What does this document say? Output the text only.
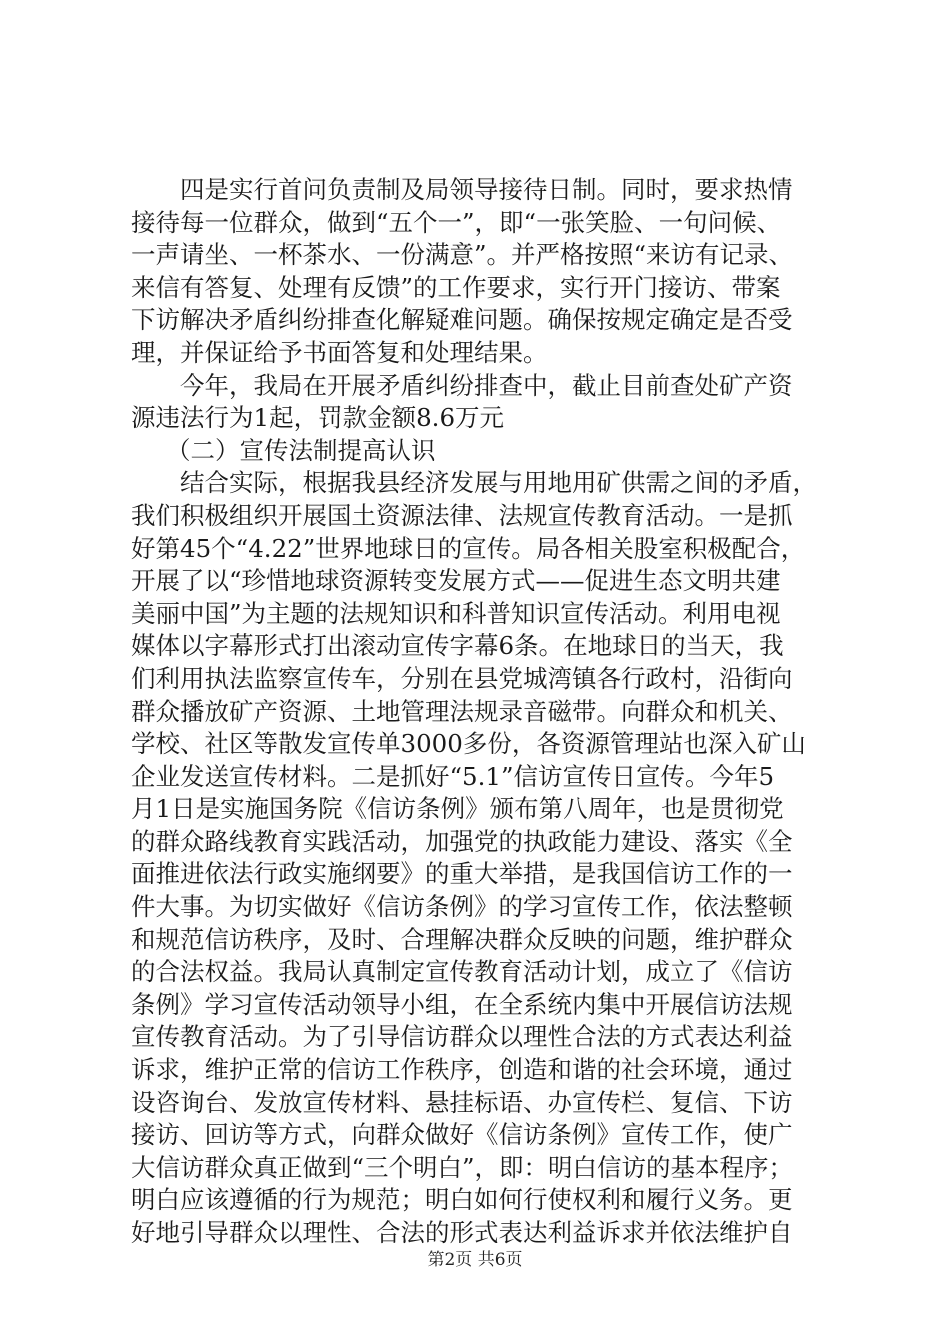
四是实行首问负责制及局领导接待日制。同时，要求热情
接待每一位群众，做到“五个一”，即“一张笑脸、一句问候、
一声请坐、一杯茶水、一份满意”。并严格按照“来访有记录、
来信有答复、处理有反馈”的工作要求，实行开门接访、带案
下访解决矛盾纠纷排查化解疑难问题。确保按规定确定是否受
理，并保证给予书面答复和处理结果。
今年，我局在开展矛盾纠纷排查中，截止目前查处矿产资
源违法行为1起，罚款金额8.6万元
（二）宣传法制提高认识
结合实际，根据我县经济发展与用地用矿供需之间的矛盾，
我们积极组织开展国土资源法律、法规宣传教育活动。一是抓
好第45个“4.22”世界地球日的宣传。局各相关股室积极配合，
开展了以“珍惜地球资源转变发展方式——促进生态文明共建
美丽中国”为主题的法规知识和科普知识宣传活动。利用电视
媒体以字幕形式打出滚动宣传字幕6条。在地球日的当天，我
们利用执法监察宣传车，分别在县党城湾镇各行政村，沿街向
群众播放矿产资源、土地管理法规录音磁带。向群众和机关、
学校、社区等散发宣传单3000多份，各资源管理站也深入矿山
企业发送宣传材料。二是抓好“5.1”信访宣传日宣传。今年5
月1日是实施国务院《信访条例》颁布第八周年，也是贯彻党
的群众路线教育实践活动，加强党的执政能力建设、落实《全
面推进依法行政实施纲要》的重大举措，是我国信访工作的一
件大事。为切实做好《信访条例》的学习宣传工作，依法整顿
和规范信访秩序，及时、合理解决群众反映的问题，维护群众
的合法权益。我局认真制定宣传教育活动计划，成立了《信访
条例》学习宣传活动领导小组，在全系统内集中开展信访法规
宣传教育活动。为了引导信访群众以理性合法的方式表达利益
诉求，维护正常的信访工作秩序，创造和谐的社会环境，通过
设咨询台、发放宣传材料、悬挂标语、办宣传栏、复信、下访
接访、回访等方式，向群众做好《信访条例》宣传工作，使广
大信访群众真正做到“三个明白”，即：明白信访的基本程序；
明白应该遵循的行为规范；明白如何行使权利和履行义务。更
好地引导群众以理性、合法的形式表达利益诉求并依法维护自
第2页 共6页
